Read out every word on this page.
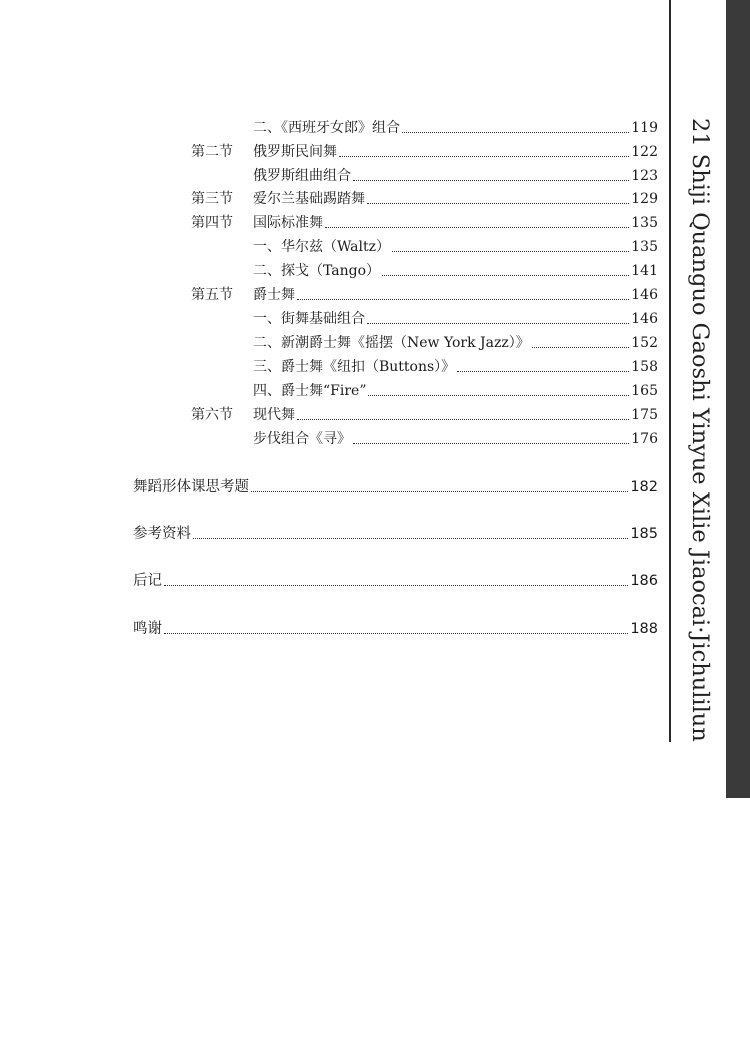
二、《西班牙女郎》组合	119
第二节 俄罗斯民间舞	122
俄罗斯组曲组合	123
第三节 爱尔兰基础踢踏舞	129
第四节 国际标准舞	135
一、华尔兹（Waltz）	135
二、探戈（Tango）	141
第五节 爵士舞	146
一、街舞基础组合	146
二、新潮爵士舞《摇摆（New York Jazz）》	152
三、爵士舞《纽扣（Buttons）》	158
四、爵士舞“Fire”	165
第六节 现代舞	175
步伐组合《寻》	176
舞蹈形体课思考题	182
参考资料	185
后记	186
鸣谢	188	21 Shiji Quanguo Gaoshi Yinyue Xilie Jiaocai·Jichulilun
